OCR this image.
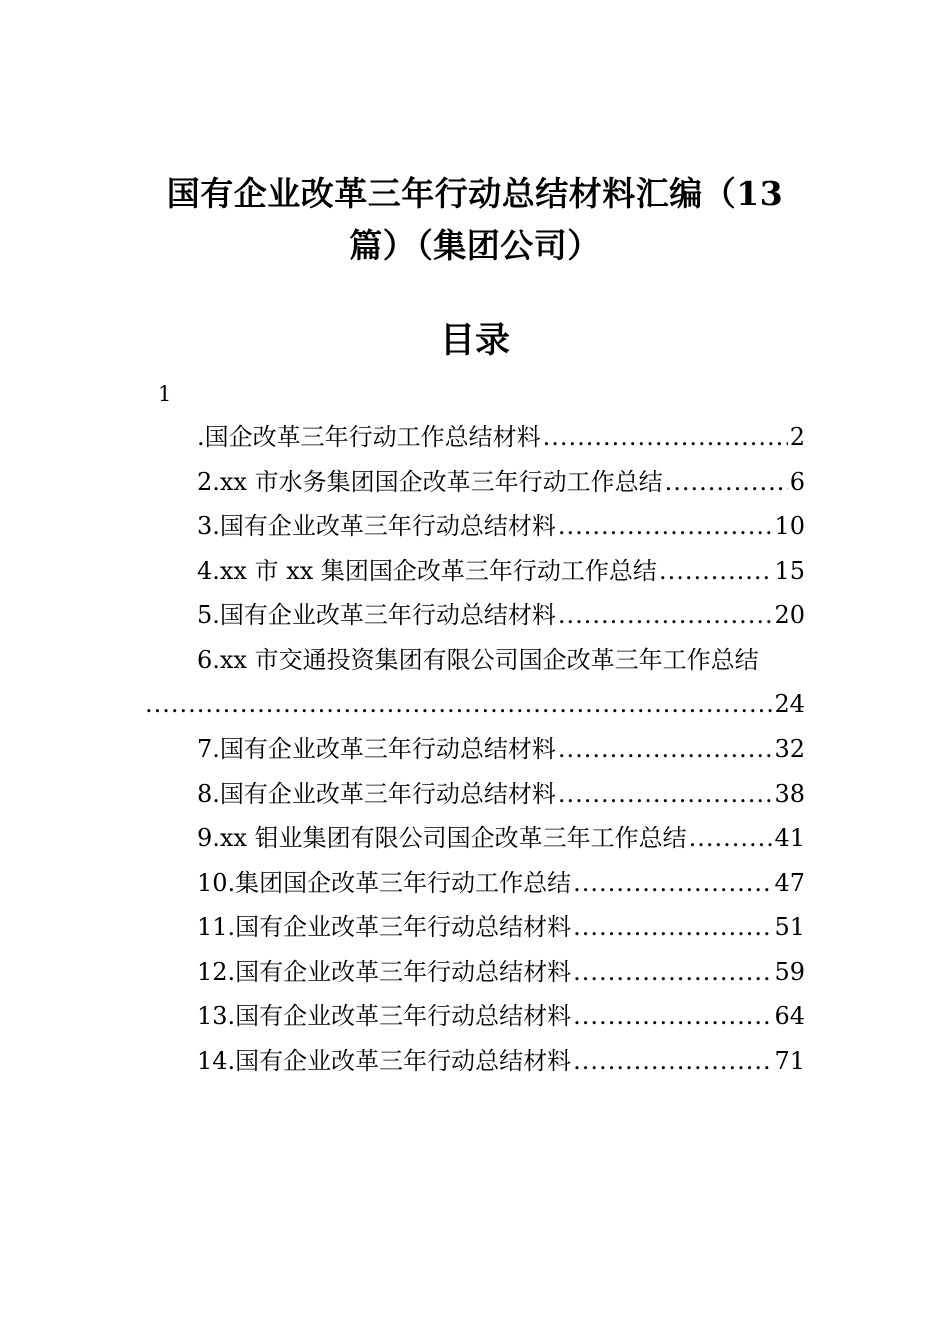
国有企业改革三年行动总结材料汇编（13
篇）（集团公司）
目录
1
.国企改革三年行动工作总结材料 .....	2
2.xx 市水务集团国企改革三年行动工作总结 .....	6
3.国有企业改革三年行动总结材料 .....	10
4.xx 市 xx 集团国企改革三年行动工作总结 .....	15
5.国有企业改革三年行动总结材料 .....	20
6.xx 市交通投资集团有限公司国企改革三年工作总结
.....
24
7.国有企业改革三年行动总结材料 .....	32
8.国有企业改革三年行动总结材料 .....	38
9.xx 钼业集团有限公司国企改革三年工作总结 .....	41
10.集团国企改革三年行动工作总结 .....	47
11.国有企业改革三年行动总结材料 .....	51
12.国有企业改革三年行动总结材料 .....	59
13.国有企业改革三年行动总结材料 .....	64
14.国有企业改革三年行动总结材料 .....	71
